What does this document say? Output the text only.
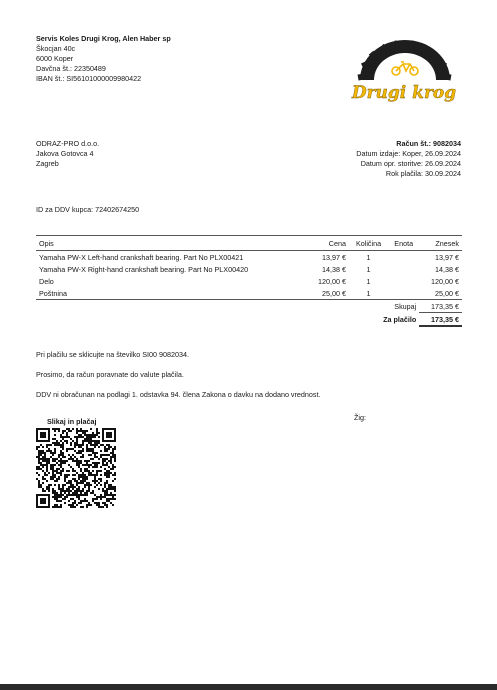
Servis Koles Drugi Krog, Alen Haber sp
Škocjan 40c
6000 Koper
Davčna št.: 22350489
IBAN št.: SI56101000009980422
Drugi krog
ODRAZ-PRO d.o.o.
Jakova Gotovca 4
Zagreb
Račun št.: 9082034
Datum izdaje: Koper, 26.09.2024
Datum opr. storitve: 26.09.2024
Rok plačila: 30.09.2024
ID za DDV kupca: 72402674250
Opis	Cena	Količina	Enota	Znesek
Yamaha PW-X Left-hand crankshaft bearing. Part No PLX00421	13,97 €	1		13,97 €
Yamaha PW-X Right-hand crankshaft bearing. Part No PLX00420	14,38 €	1		14,38 €
Delo	120,00 €	1		120,00 €
Poštnina	25,00 €	1		25,00 €
Skupaj				173,35 €
Za plačilo				173,35 €
Pri plačilu se sklicujte na številko SI00 9082034.
Prosimo, da račun poravnate do valute plačila.
DDV ni obračunan na podlagi 1. odstavka 94. člena Zakona o davku na dodano vrednost.
Žig:
Slikaj in plačaj
